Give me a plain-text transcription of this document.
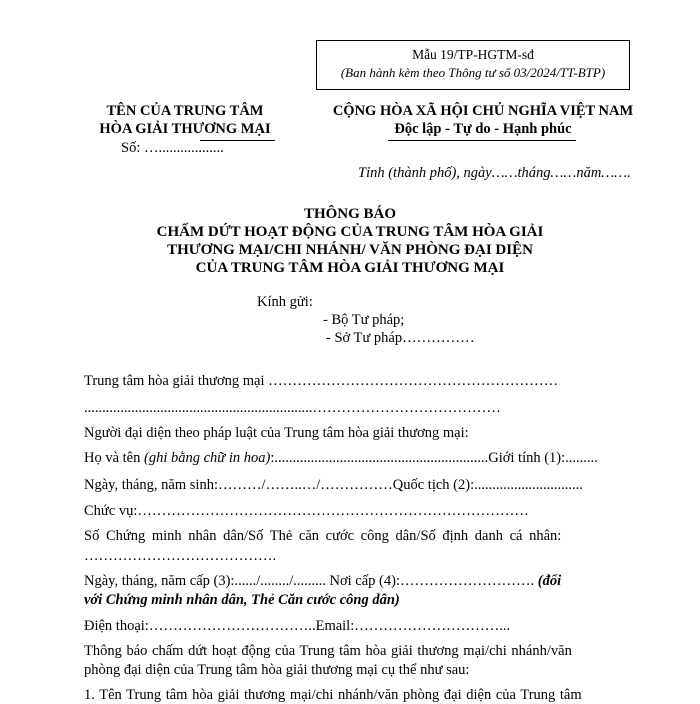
Mẫu 19/TP-HGTM-sđ
(Ban hành kèm theo Thông tư số 03/2024/TT-BTP)
TÊN CỦA TRUNG TÂM
HÒA GIẢI THƯƠNG MẠI
Số: …..................
CỘNG HÒA XÃ HỘI CHỦ NGHĨA VIỆT NAM
Độc lập - Tự do - Hạnh phúc
Tỉnh (thành phố), ngày……tháng……năm…….
THÔNG BÁO
CHẤM DỨT HOẠT ĐỘNG CỦA TRUNG TÂM HÒA GIẢI
THƯƠNG MẠI/CHI NHÁNH/ VĂN PHÒNG ĐẠI DIỆN
CỦA TRUNG TÂM HÒA GIẢI THƯƠNG MẠI
Kính gửi:
- Bộ Tư pháp;
- Sở Tư pháp……………
Trung tâm hòa giải thương mại ……………………………………………………
...............................................................…………………………………
Người đại diện theo pháp luật của Trung tâm hòa giải thương mại:
Họ và tên (ghi bằng chữ in hoa):...........................................................Giới tính (1):.........
Ngày, tháng, năm sinh:………/……..…/……………Quốc tịch (2):..............................
Chức vụ:………………………………………………………………………
Số Chứng minh nhân dân/Số Thẻ căn cước công dân/Số định danh cá nhân:
………………………………….
Ngày, tháng, năm cấp (3):....../......../......... Nơi cấp (4):………………………. (đối
với Chứng minh nhân dân, Thẻ Căn cước công dân)
Điện thoại:……………………………..Email:…………………………...
Thông báo chấm dứt hoạt động của Trung tâm hòa giải thương mại/chi nhánh/văn
phòng đại diện của Trung tâm hòa giải thương mại cụ thể như sau:
1. Tên Trung tâm hòa giải thương mại/chi nhánh/văn phòng đại diện của Trung tâm
